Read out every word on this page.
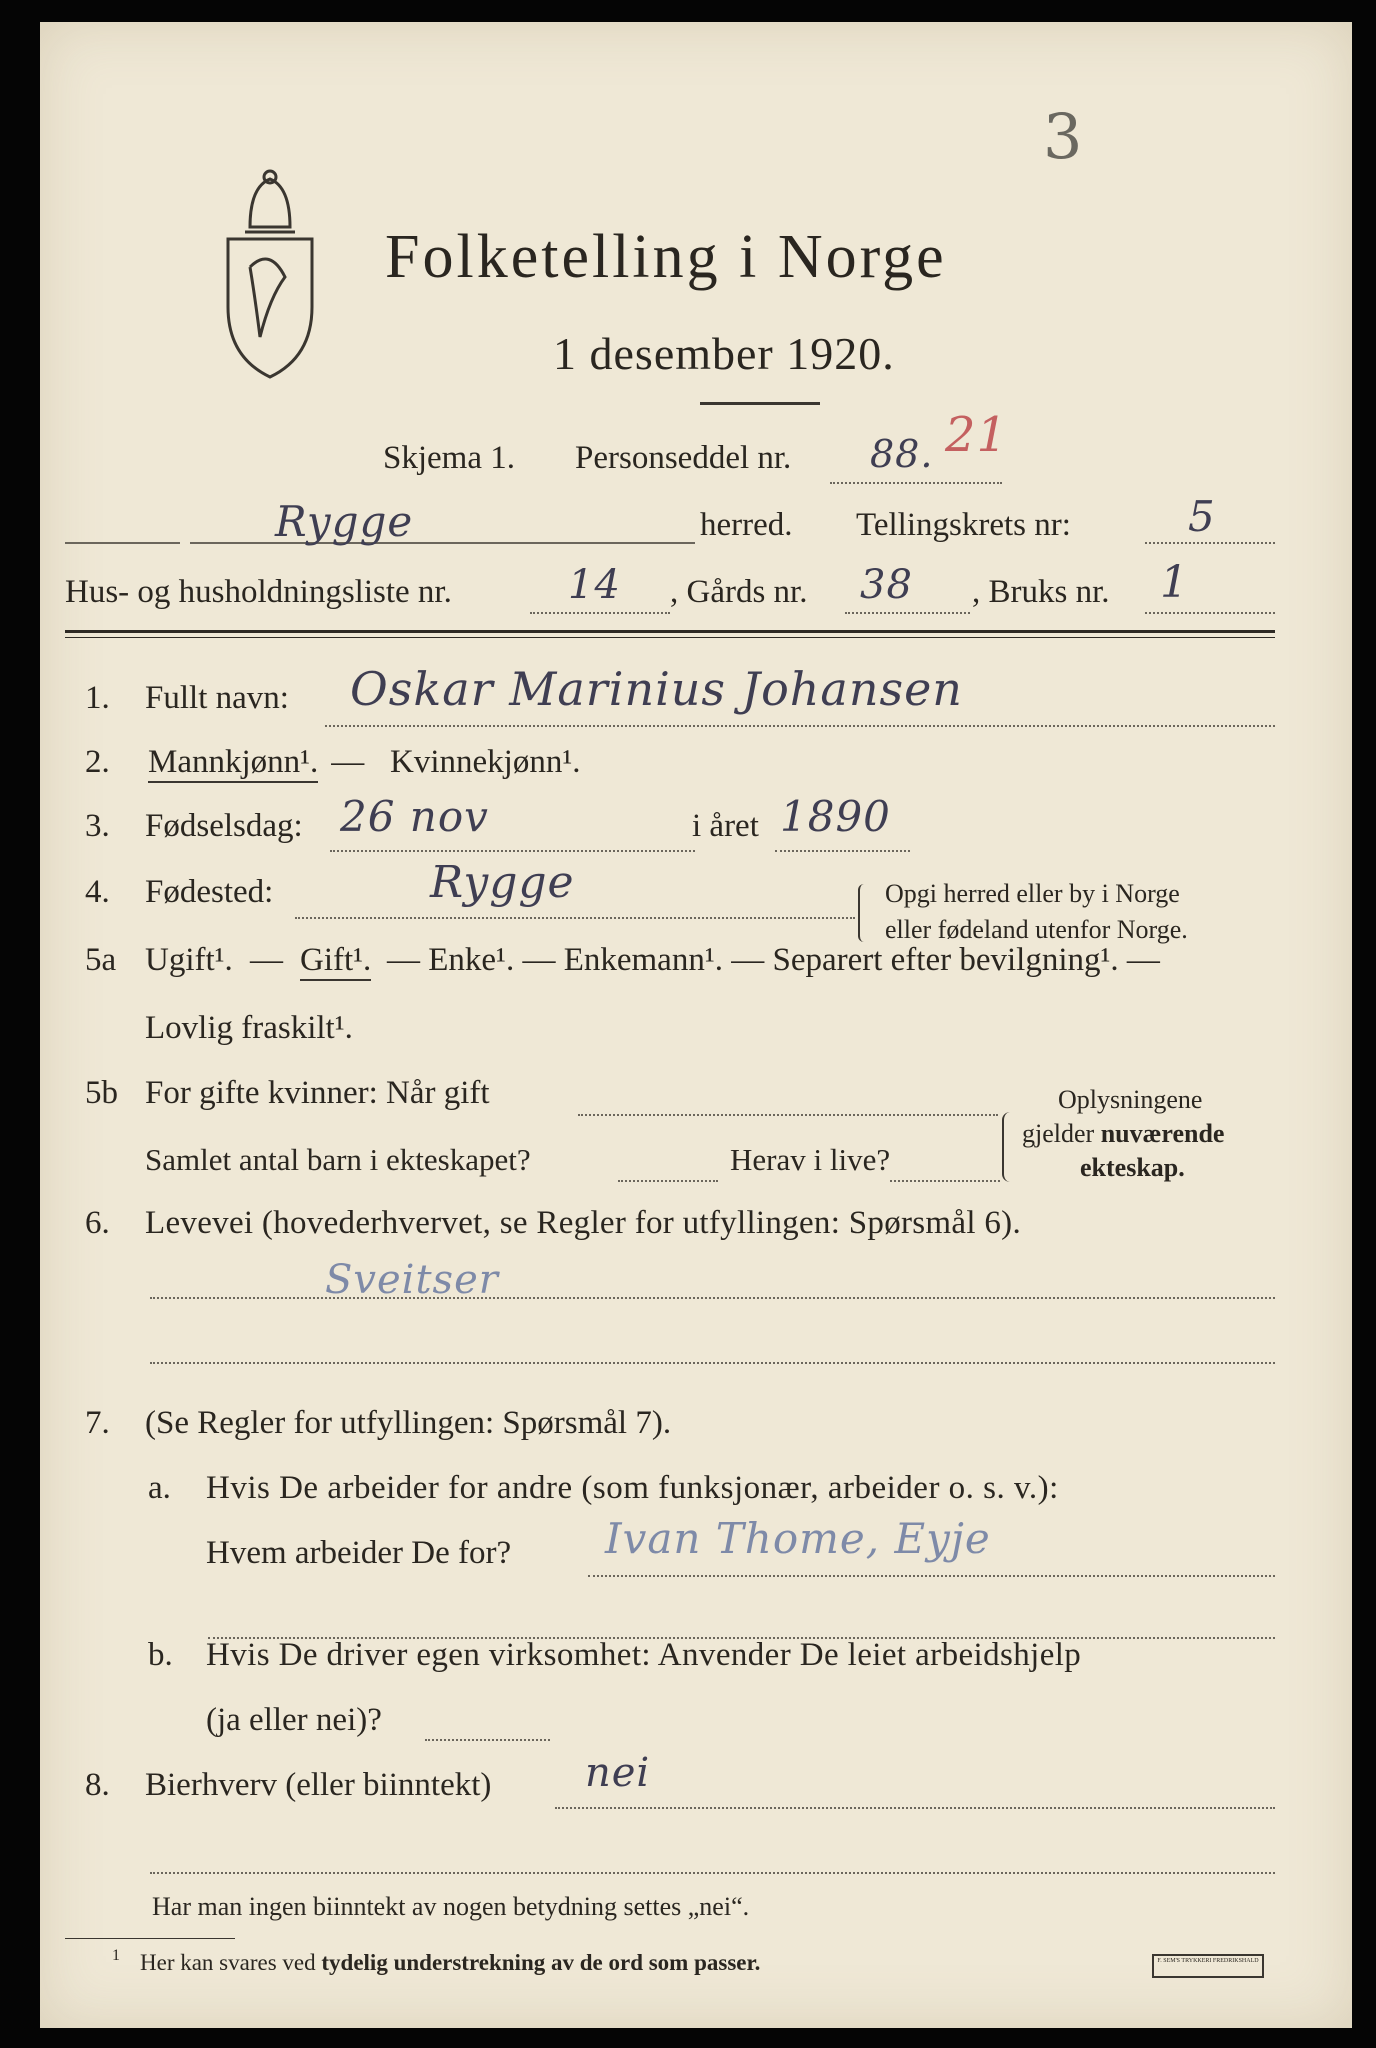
3
Folketelling i Norge
1 desember 1920.
Skjema 1. Personseddel nr. 88. 21
Rygge	herred. Tellingskrets nr:	5
Hus- og husholdningsliste nr.	14 , Gårds nr. 38 , Bruks nr. 1
1. Fullt navn: Oskar Marinius Johansen
2. Mannkjønn¹. — Kvinnekjønn¹.
3. Fødselsdag: 26 nov	i året 1890
4. Fødested:	Rygge	Opgi herred eller by i Norge
eller fødeland utenfor Norge.
5a Ugift¹. — Gift¹. — Enke¹. — Enkemann¹. — Separert efter bevilgning¹. —
Lovlig fraskilt¹.
5b For gifte kvinner: Når gift
Samlet antal barn i ekteskapet?	Herav i live?
Oplysningene
gjelder nuværende
ekteskap.
6. Levevei (hovederhvervet, se Regler for utfyllingen: Spørsmål 6).
Sveitser
7. (Se Regler for utfyllingen: Spørsmål 7).
a. Hvis De arbeider for andre (som funksjonær, arbeider o. s. v.):
Hvem arbeider De for? Ivan Thome, Eyje
b. Hvis De driver egen virksomhet: Anvender De leiet arbeidshjelp
(ja eller nei)?
8. Bierhverv (eller biinntekt) nei
Har man ingen biinntekt av nogen betydning settes „nei“.
1 Her kan svares ved tydelig understrekning av de ord som passer.	F. SEM'S TRYKKERI FREDRIKSHALD
